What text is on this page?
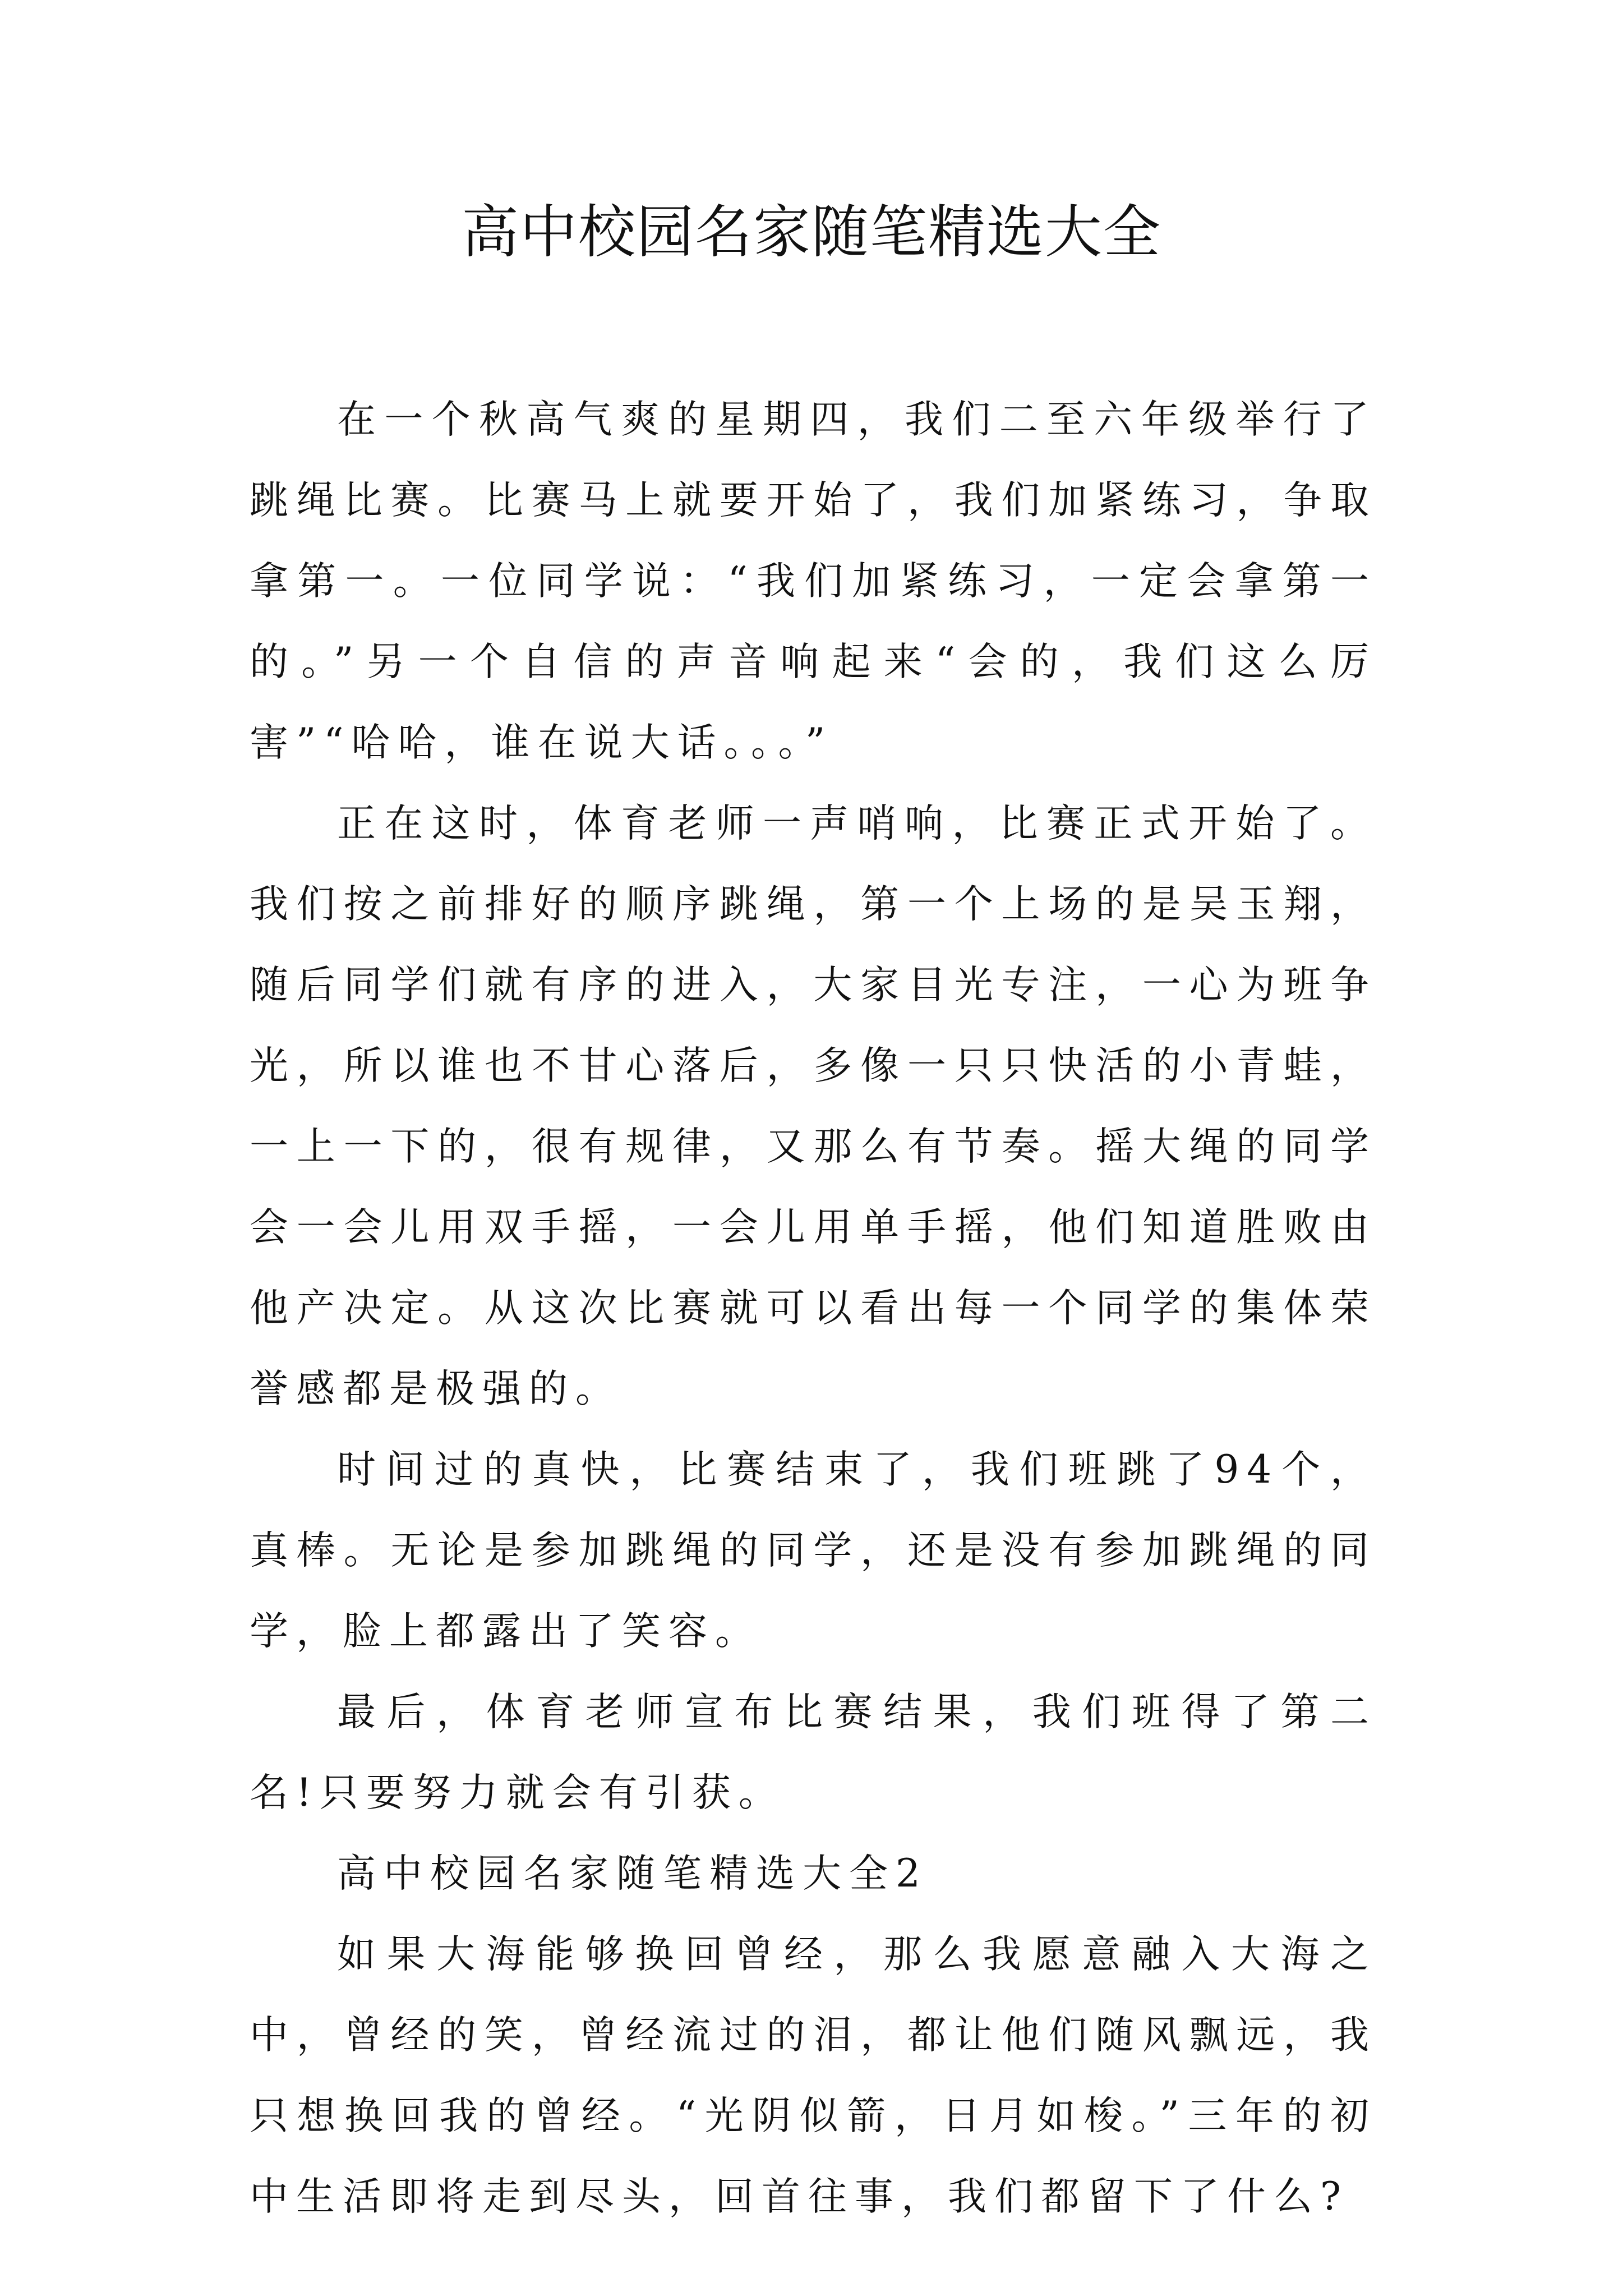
高中校园名家随笔精选大全

在一个秋高气爽的星期四，我们二至六年级举行了跳绳比赛。比赛马上就要开始了，我们加紧练习，争取拿第一。一位同学说：“我们加紧练习，一定会拿第一的。”另一个自信的声音响起来“会的，我们这么厉害”“哈哈，谁在说大话。。。”

正在这时，体育老师一声哨响，比赛正式开始了。我们按之前排好的顺序跳绳，第一个上场的是吴玉翔，随后同学们就有序的进入，大家目光专注，一心为班争光，所以谁也不甘心落后，多像一只只快活的小青蛙，一上一下的，很有规律，又那么有节奏。摇大绳的同学会一会儿用双手摇，一会儿用单手摇，他们知道胜败由他产决定。从这次比赛就可以看出每一个同学的集体荣誉感都是极强的。

时间过的真快，比赛结束了，我们班跳了94个，真棒。无论是参加跳绳的同学，还是没有参加跳绳的同学，脸上都露出了笑容。

最后，体育老师宣布比赛结果，我们班得了第二名!只要努力就会有引获。

高中校园名家随笔精选大全2

如果大海能够换回曾经，那么我愿意融入大海之中，曾经的笑，曾经流过的泪，都让他们随风飘远，我只想换回我的曾经。“光阴似箭，日月如梭。”三年的初中生活即将走到尽头，回首往事，我们都留下了什么?
